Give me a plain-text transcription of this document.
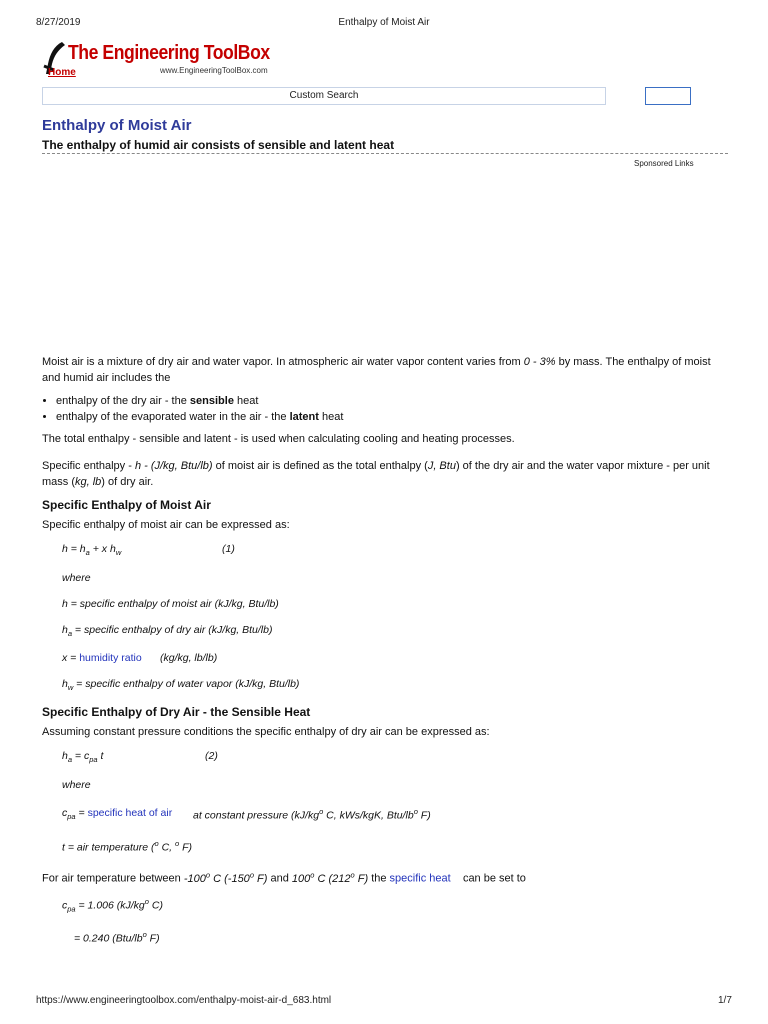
8/27/2019	Enthalpy of Moist Air
The Engineering ToolBox
www.EngineeringToolBox.com
Home
Custom Search
Enthalpy of Moist Air
The enthalpy of humid air consists of sensible and latent heat
Sponsored Links

Moist air is a mixture of dry air and water vapor. In atmospheric air water vapor content varies from 0 - 3% by mass. The enthalpy of moist and humid air includes the

• enthalpy of the dry air - the sensible heat
• enthalpy of the evaporated water in the air - the latent heat

The total enthalpy - sensible and latent - is used when calculating cooling and heating processes.

Specific enthalpy - h - (J/kg, Btu/lb) of moist air is defined as the total enthalpy (J, Btu) of the dry air and the water vapor mixture - per unit mass (kg, lb) of dry air.

Specific Enthalpy of Moist Air

Specific enthalpy of moist air can be expressed as:

$h = h_a + x$ $h_w$	(1)
where
h = specific enthalpy of moist air (kJ/kg, Btu/lb)
$h_a$ = specific enthalpy of dry air (kJ/kg, Btu/lb)
x = humidity ratio (kg/kg, lb/lb)
$h_w$ = specific enthalpy of water vapor (kJ/kg, Btu/lb)
Specific Enthalpy of Dry Air - the Sensible Heat

Assuming constant pressure conditions the specific enthalpy of dry air can be expressed as:

$h_a = c_{pa}$ t	(2)
where
$c_{pa}$ = specific heat of air at constant pressure ($kJ/kg^o$ C, kWs/kgK, Btu/$lb^o$ F)
t = air temperature ($^o$ C, $^o$ F)

For air temperature between -100$^o$ C (-150$^o$ F) and 100$^o$ C (212$^o$ F) the specific heat can be set to

$c_{pa} = 1.006$ ($kJ/kg^o$ C)
= 0.240 ($Btu/lb^o$ F)
https://www.engineeringtoolbox.com/enthalpy-moist-air-d_683.html	1/7
